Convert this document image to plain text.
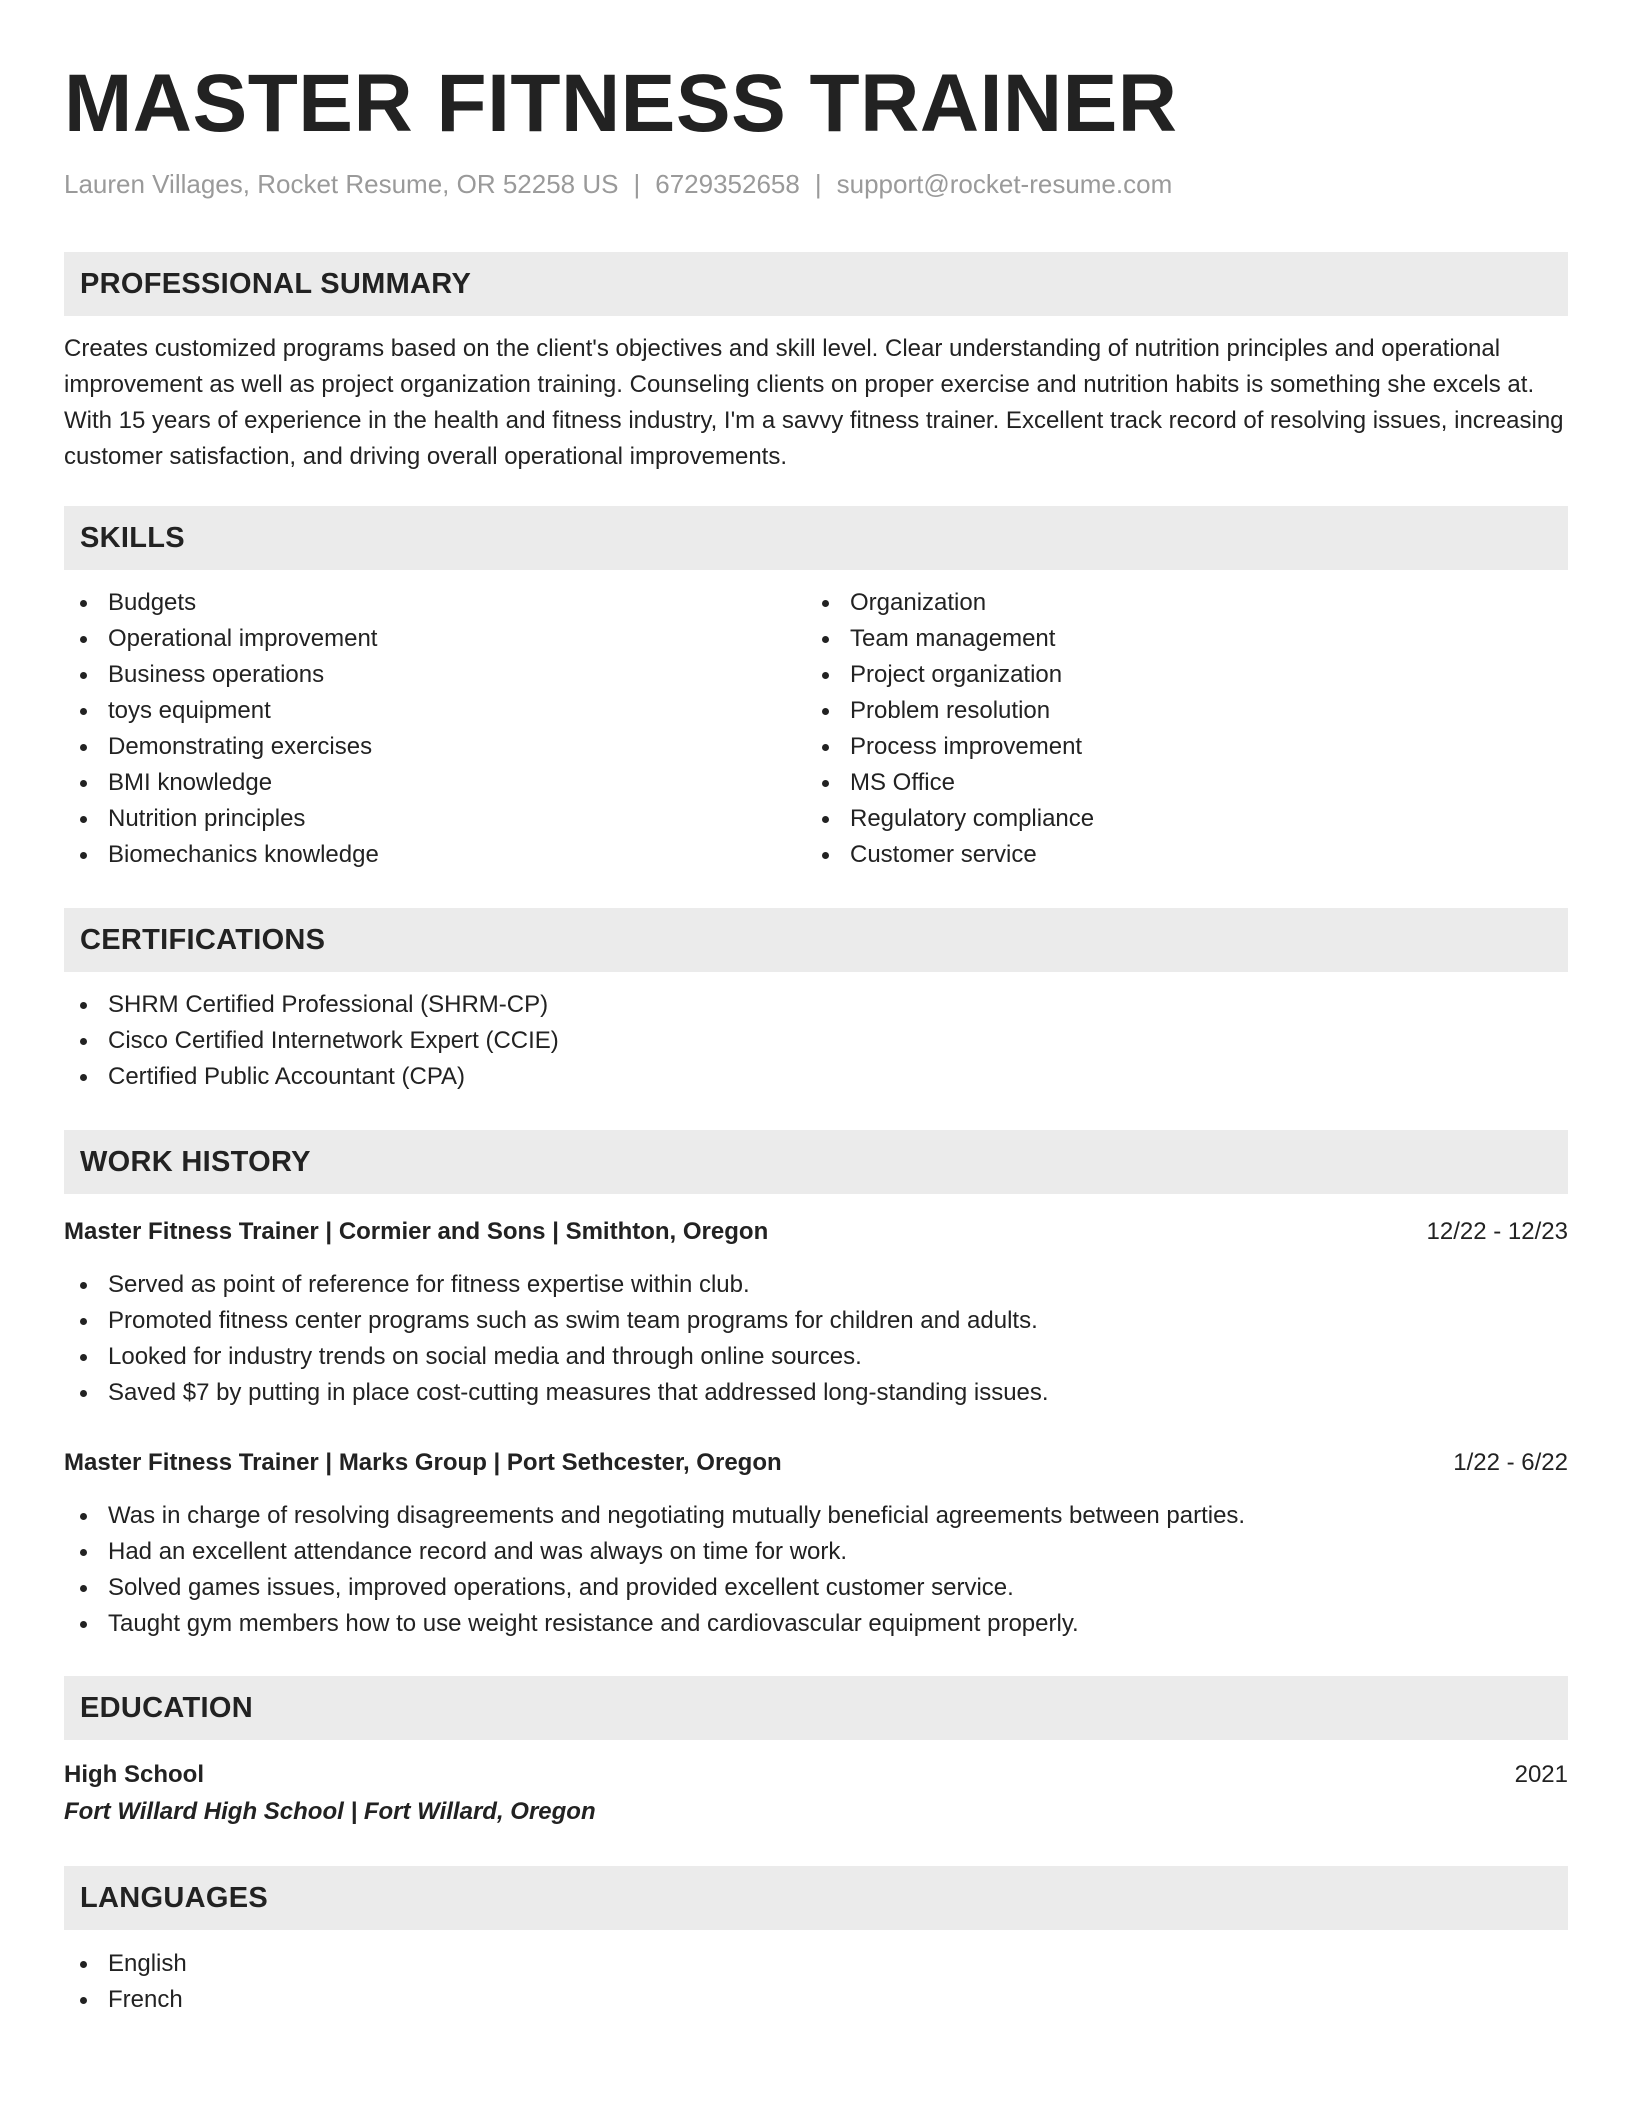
MASTER FITNESS TRAINER
Lauren Villages, Rocket Resume, OR 52258 US | 6729352658 | support@rocket-resume.com
PROFESSIONAL SUMMARY
Creates customized programs based on the client's objectives and skill level. Clear understanding of nutrition principles and operational improvement as well as project organization training. Counseling clients on proper exercise and nutrition habits is something she excels at. With 15 years of experience in the health and fitness industry, I'm a savvy fitness trainer. Excellent track record of resolving issues, increasing customer satisfaction, and driving overall operational improvements.
SKILLS
Budgets
Operational improvement
Business operations
toys equipment
Demonstrating exercises
BMI knowledge
Nutrition principles
Biomechanics knowledge
Organization
Team management
Project organization
Problem resolution
Process improvement
MS Office
Regulatory compliance
Customer service
CERTIFICATIONS
SHRM Certified Professional (SHRM-CP)
Cisco Certified Internetwork Expert (CCIE)
Certified Public Accountant (CPA)
WORK HISTORY
Master Fitness Trainer | Cormier and Sons | Smithton, Oregon	12/22 - 12/23
Served as point of reference for fitness expertise within club.
Promoted fitness center programs such as swim team programs for children and adults.
Looked for industry trends on social media and through online sources.
Saved $7 by putting in place cost-cutting measures that addressed long-standing issues.
Master Fitness Trainer | Marks Group | Port Sethcester, Oregon	1/22 - 6/22
Was in charge of resolving disagreements and negotiating mutually beneficial agreements between parties.
Had an excellent attendance record and was always on time for work.
Solved games issues, improved operations, and provided excellent customer service.
Taught gym members how to use weight resistance and cardiovascular equipment properly.
EDUCATION
High School	2021
Fort Willard High School | Fort Willard, Oregon
LANGUAGES
English
French
